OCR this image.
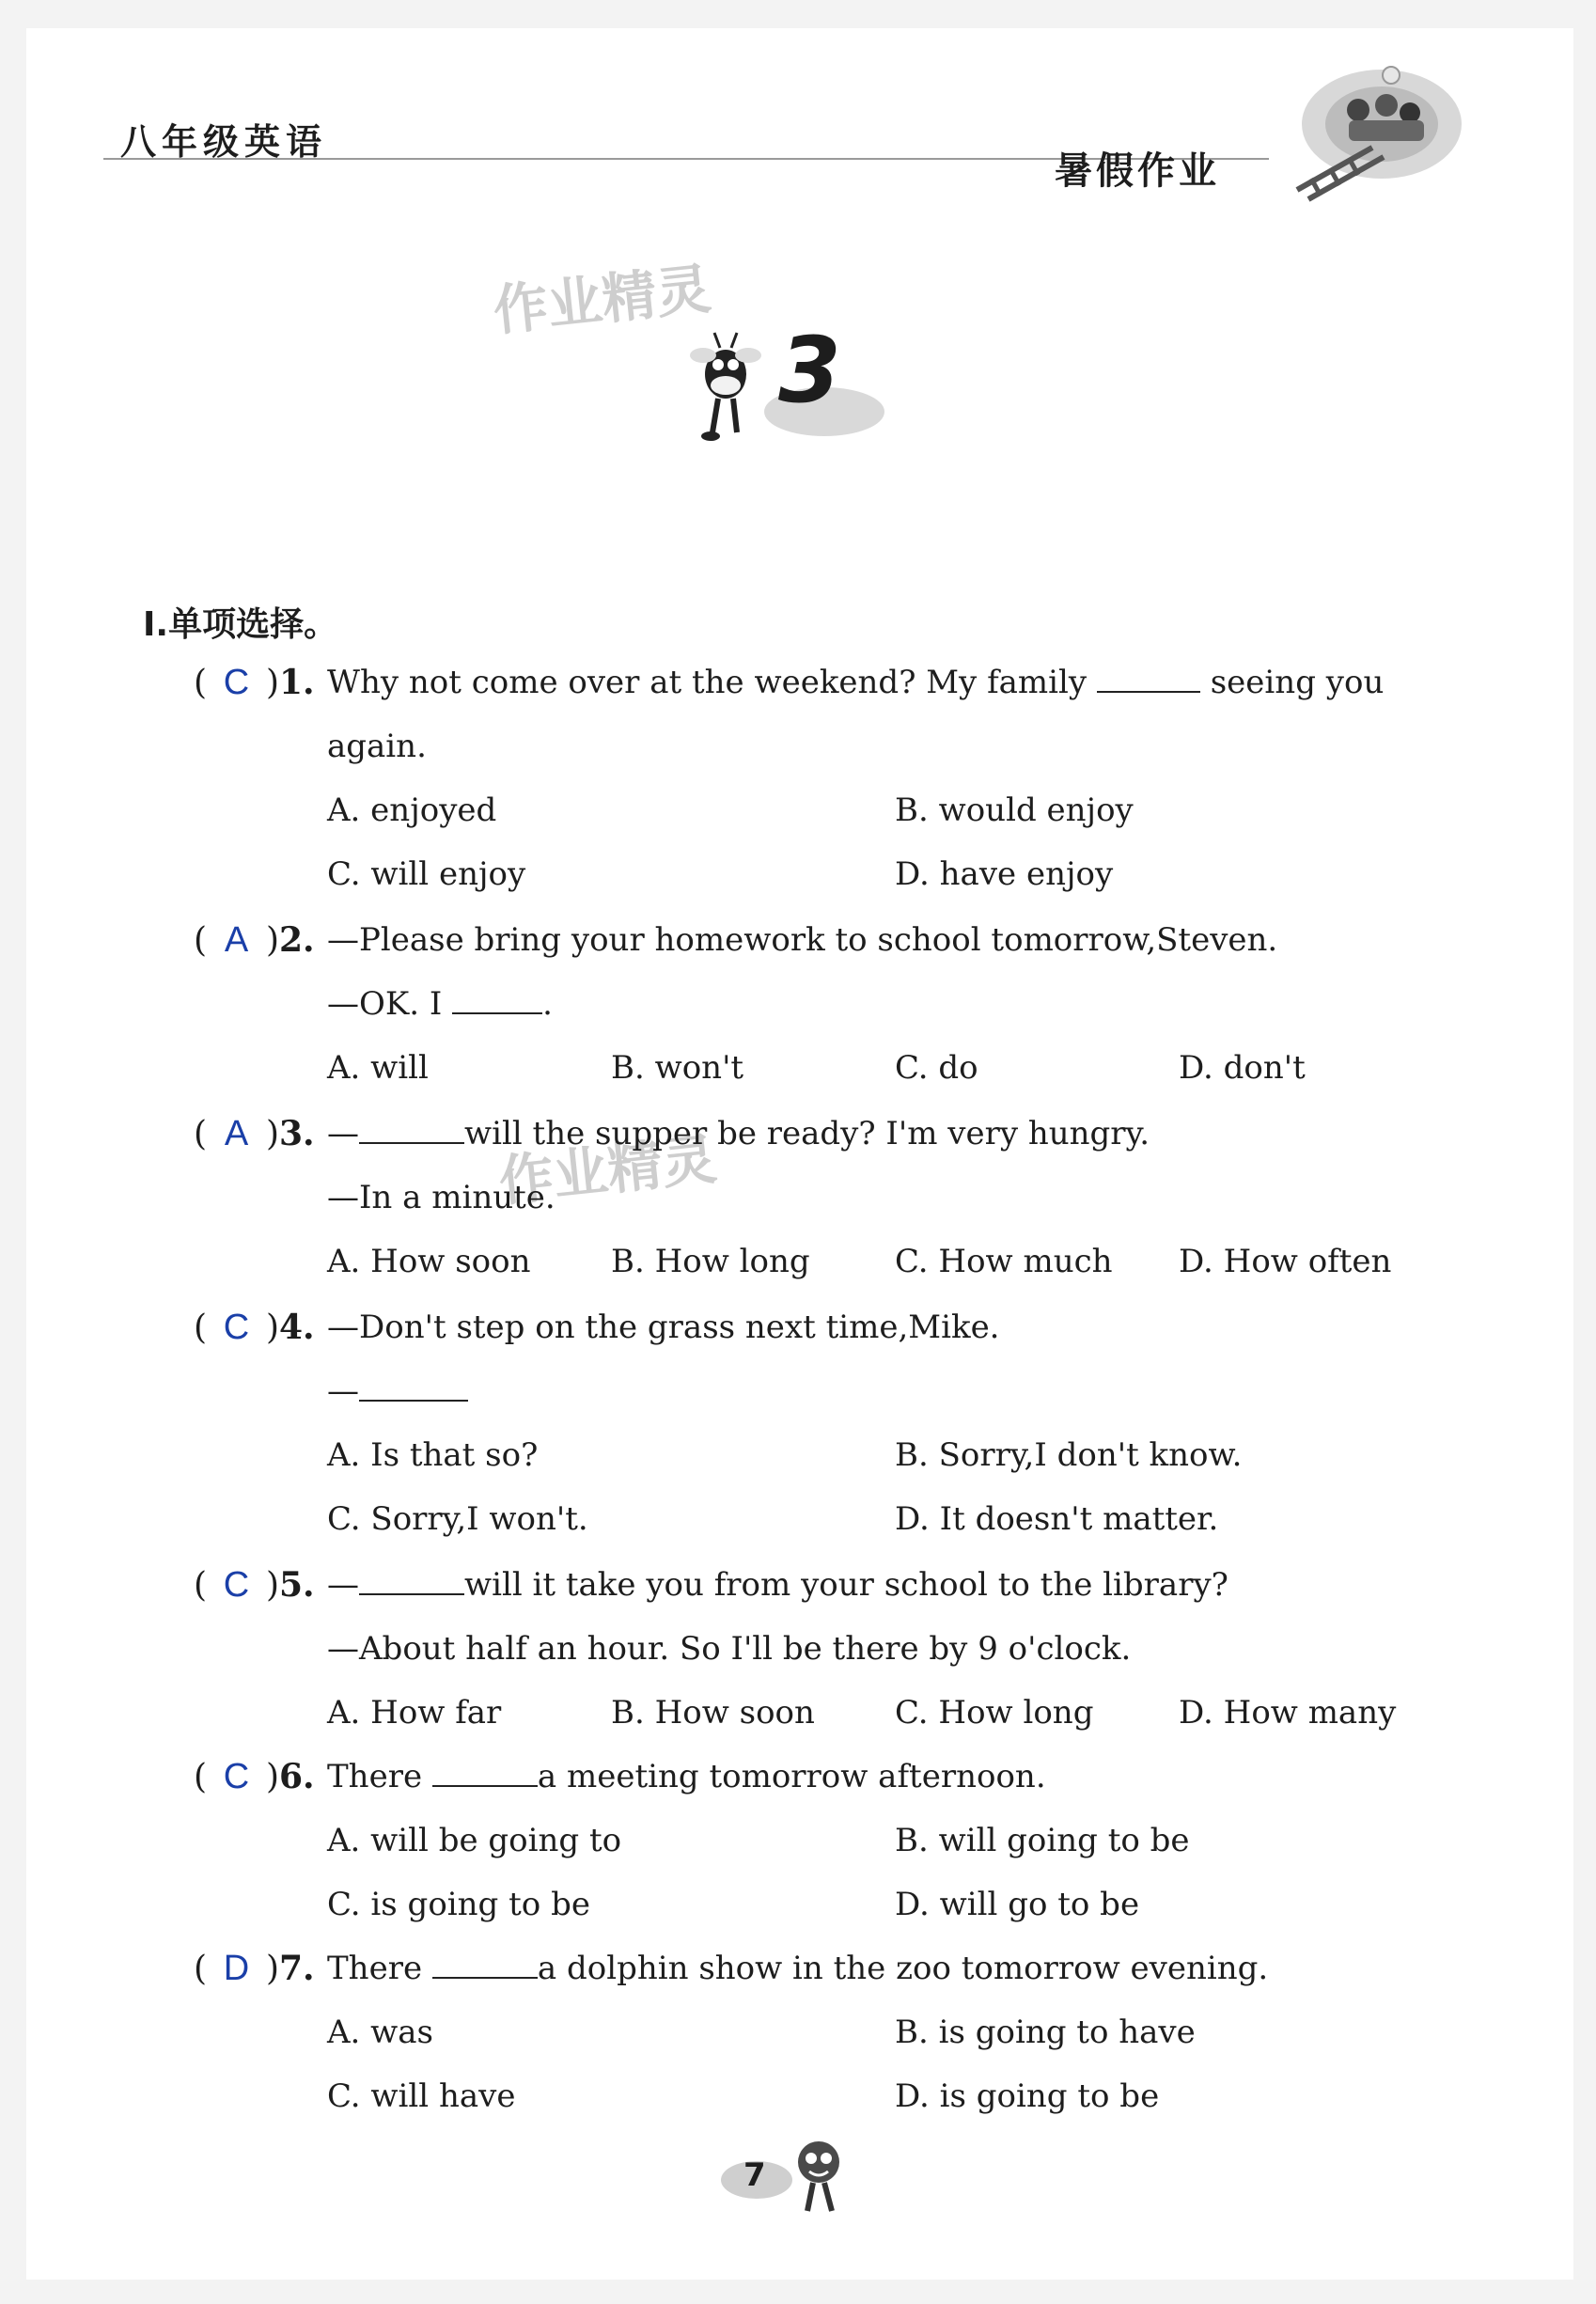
八年级英语
暑假作业
作业精灵
作业精灵
3
Ⅰ.单项选择。
( C )1. Why not come over at the weekend? My family	seeing you
again.
A. enjoyed	B. would enjoy
C. will enjoy	D. have enjoy
( A )2. —Please bring your homework to school tomorrow,Steven.
—OK. I	.
A. will	B. won't	C. do	D. don't
( A )3. —	will the supper be ready? I'm very hungry.
—In a minute.
A. How soon	B. How long	C. How much D. How often
( C )4. —Don't step on the grass next time,Mike.
—
A. Is that so?	B. Sorry,I don't know.
C. Sorry,I won't.	D. It doesn't matter.
( C )5. —	will it take you from your school to the library?
—About half an hour. So I'll be there by 9 o'clock.
A. How far	B. How soon	C. How long	D. How many
( C )6. There	a meeting tomorrow afternoon.
A. will be going to	B. will going to be
C. is going to be	D. will go to be
( D )7. There	a dolphin show in the zoo tomorrow evening.
A. was	B. is going to have
C. will have	D. is going to be
7
